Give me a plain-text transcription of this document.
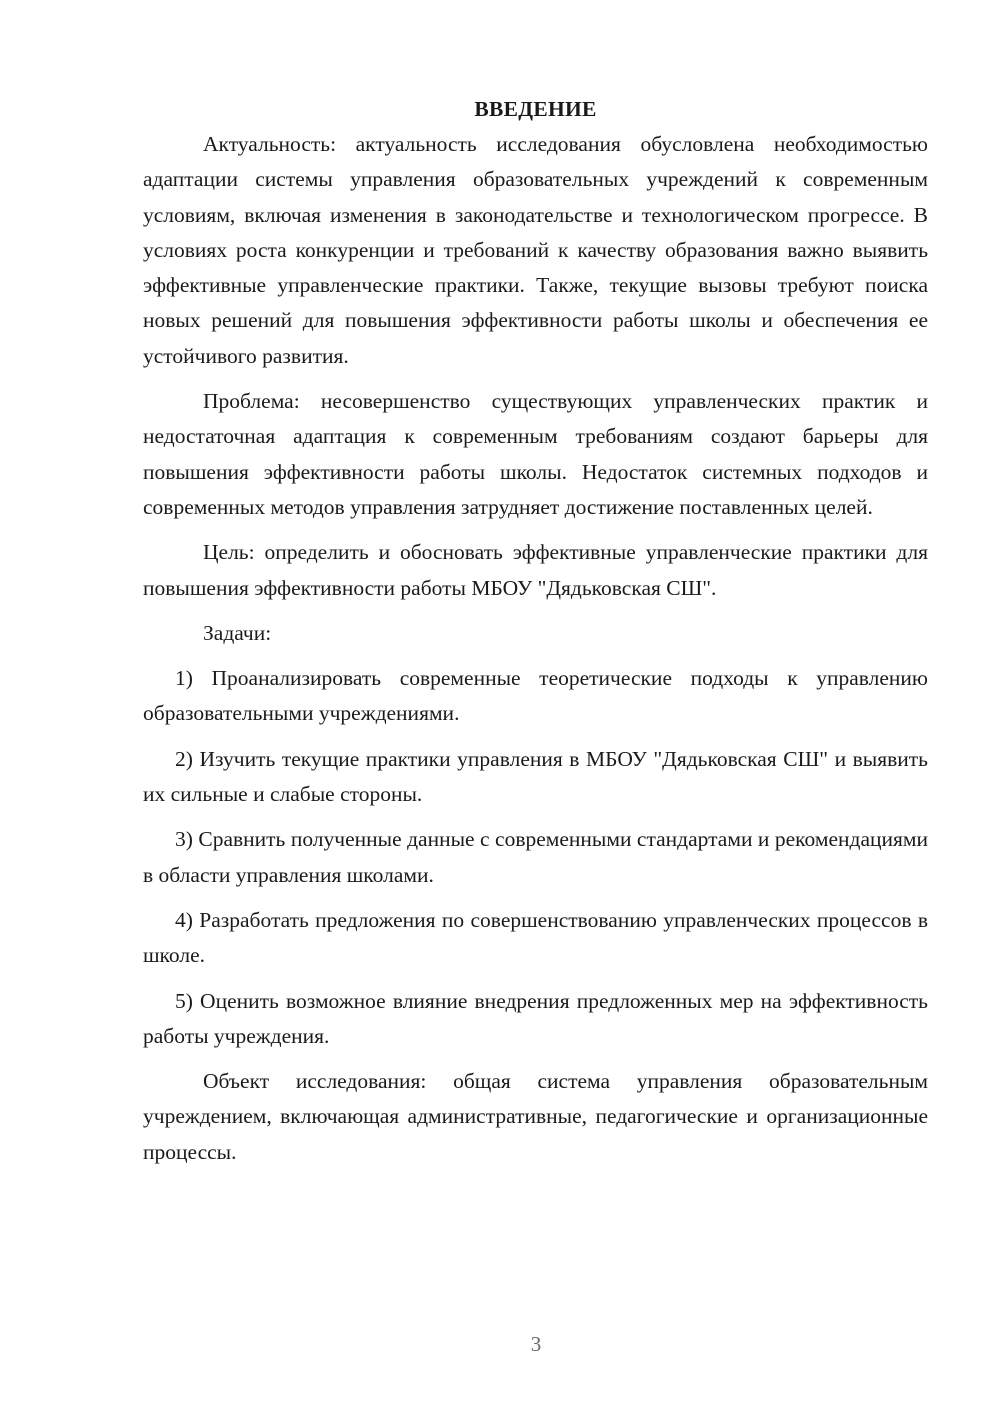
ВВЕДЕНИЕ

Актуальность: актуальность исследования обусловлена необходимостью адаптации системы управления образовательных учреждений к современным условиям, включая изменения в законодательстве и технологическом прогрессе. В условиях роста конкуренции и требований к качеству образования важно выявить эффективные управленческие практики. Также, текущие вызовы требуют поиска новых решений для повышения эффективности работы школы и обеспечения ее устойчивого развития.

Проблема: несовершенство существующих управленческих практик и недостаточная адаптация к современным требованиям создают барьеры для повышения эффективности работы школы. Недостаток системных подходов и современных методов управления затрудняет достижение поставленных целей.

Цель: определить и обосновать эффективные управленческие практики для повышения эффективности работы МБОУ "Дядьковская СШ".

Задачи:

1) Проанализировать современные теоретические подходы к управлению образовательными учреждениями.

2) Изучить текущие практики управления в МБОУ "Дядьковская СШ" и выявить их сильные и слабые стороны.

3) Сравнить полученные данные с современными стандартами и рекомендациями в области управления школами.

4) Разработать предложения по совершенствованию управленческих процессов в школе.

5) Оценить возможное влияние внедрения предложенных мер на эффективность работы учреждения.

Объект исследования: общая система управления образовательным учреждением, включающая административные, педагогические и организационные процессы.

3
